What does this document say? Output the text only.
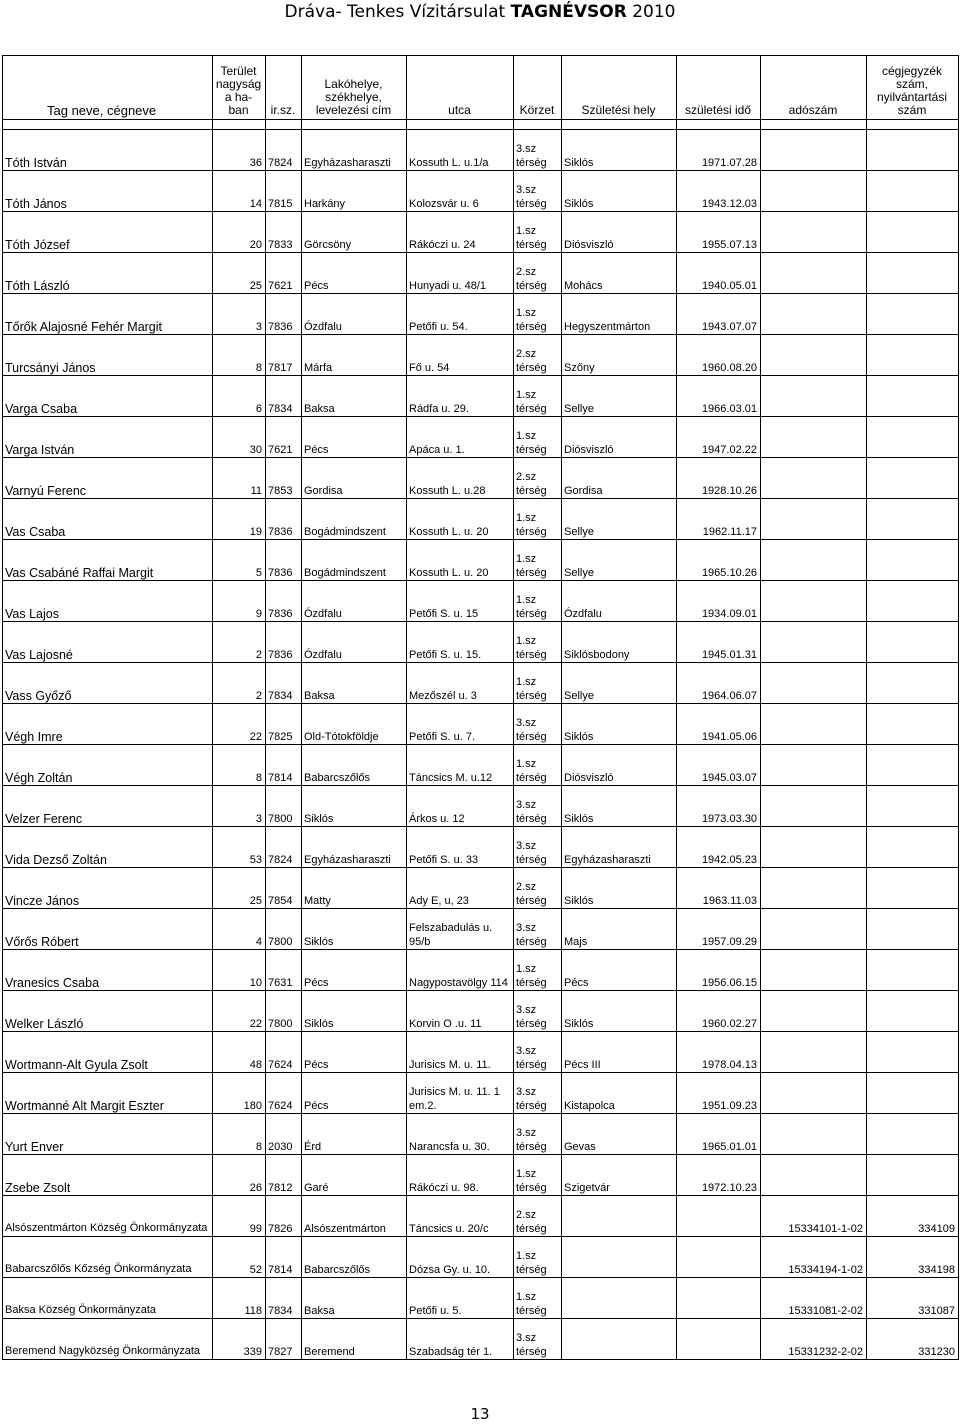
Dráva- Tenkes Vízitársulat TAGNÉVSOR 2010
Tag neve, cégneve	Terület nagyság a ha-ban	ir.sz.	Lakóhelye, székhelye, levelezési cím	utca	Körzet	Születési hely	születési idő	adószám	cégjegyzék szám, nyilvántartási szám

Tóth István	36	7824	Egyházasharaszti	Kossuth L. u.1/a	3.sz térség	Siklós	1971.07.28		
Tóth János	14	7815	Harkány	Kolozsvár u. 6	3.sz térség	Siklós	1943.12.03		
Tóth József	20	7833	Görcsöny	Rákóczi u. 24	1.sz térség	Diósviszló	1955.07.13		
Tóth László	25	7621	Pécs	Hunyadi u. 48/1	2.sz térség	Mohács	1940.05.01		
Tőrők Alajosné Fehér Margit	3	7836	Ózdfalu	Petőfi u. 54.	1.sz térség	Hegyszentmárton	1943.07.07		
Turcsányi János	8	7817	Márfa	Fő u. 54	2.sz térség	Szőny	1960.08.20		
Varga Csaba	6	7834	Baksa	Rádfa u. 29.	1.sz térség	Sellye	1966.03.01		
Varga István	30	7621	Pécs	Apáca u. 1.	1.sz térség	Diósviszló	1947.02.22		
Varnyú Ferenc	11	7853	Gordisa	Kossuth L. u.28	2.sz térség	Gordisa	1928.10.26		
Vas Csaba	19	7836	Bogádmindszent	Kossuth L. u. 20	1.sz térség	Sellye	1962.11.17		
Vas Csabáné Raffai Margit	5	7836	Bogádmindszent	Kossuth L. u. 20	1.sz térség	Sellye	1965.10.26		
Vas Lajos	9	7836	Ózdfalu	Petőfi S. u. 15	1.sz térség	Ózdfalu	1934.09.01		
Vas Lajosné	2	7836	Ózdfalu	Petőfi S. u. 15.	1.sz térség	Siklósbodony	1945.01.31		
Vass Győző	2	7834	Baksa	Mezőszél u. 3	1.sz térség	Sellye	1964.06.07		
Végh Imre	22	7825	Old-Tótokföldje	Petőfi S. u. 7.	3.sz térség	Siklós	1941.05.06		
Végh Zoltán	8	7814	Babarcszőlős	Táncsics M. u.12	1.sz térség	Diósviszló	1945.03.07		
Velzer Ferenc	3	7800	Siklós	Árkos u. 12	3.sz térség	Siklós	1973.03.30		
Vida Dezső Zoltán	53	7824	Egyházasharaszti	Petőfi S. u. 33	3.sz térség	Egyházasharaszti	1942.05.23		
Vincze János	25	7854	Matty	Ady E, u, 23	2.sz térség	Siklós	1963.11.03		
Vőrős Róbert	4	7800	Siklós	Felszabadulás u. 95/b	3.sz térség	Majs	1957.09.29		
Vranesics Csaba	10	7631	Pécs	Nagypostavölgy 114	1.sz térség	Pécs	1956.06.15		
Welker László	22	7800	Siklós	Korvin O .u. 11	3.sz térség	Siklós	1960.02.27		
Wortmann-Alt Gyula Zsolt	48	7624	Pécs	Jurisics M. u. 11.	3.sz térség	Pécs III	1978.04.13		
Wortmanné Alt Margit Eszter	180	7624	Pécs	Jurisics M. u. 11. 1 em.2.	3.sz térség	Kistapolca	1951.09.23		
Yurt Enver	8	2030	Érd	Narancsfa u. 30.	3.sz térség	Gevas	1965.01.01		
Zsebe Zsolt	26	7812	Garé	Rákóczi u. 98.	1.sz térség	Szigetvár	1972.10.23		
Alsószentmárton Község Önkormányzata	99	7826	Alsószentmárton	Táncsics u. 20/c	2.sz térség			15334101-1-02	334109
Babarcszőlős Kőzség Önkormányzata	52	7814	Babarcszőlős	Dózsa Gy. u. 10.	1.sz térség			15334194-1-02	334198
Baksa Község Önkormányzata	118	7834	Baksa	Petőfi u. 5.	1.sz térség			15331081-2-02	331087
Beremend Nagyközség Önkormányzata	339	7827	Beremend	Szabadság tér 1.	3.sz térség			15331232-2-02	331230
13
